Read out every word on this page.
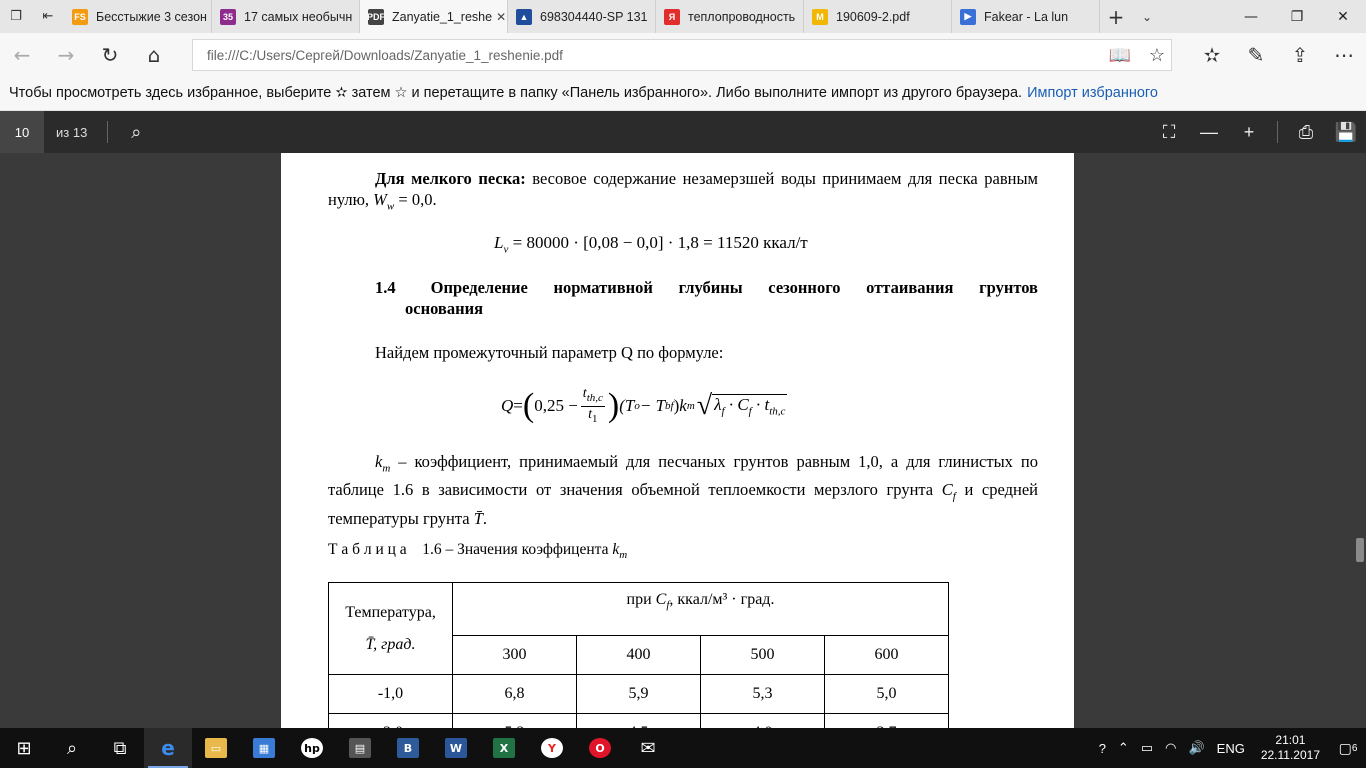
❐	⇤	FS Бесстыжие 3 сезон	35 17 самых необычн PDF Zanyatie_1_reshe ✕	▲ 698304440-SP 131	Я	теплопроводность	M 190609-2.pdf	▶	Fakear - La lun	+	⌄	—	❐	✕
←	→	↻	⌂	file:///C:/Users/Сергей/Downloads/Zanyatie_1_reshenie.pdf	📖 ☆	✫	✎	⇪	⋯
Чтобы просмотреть здесь избранное, выберите ✫ затем ☆ и перетащите в папку «Панель избранного». Либо выполните импорт из другого браузера. Импорт избранного
10	из 13	⌕	⛶	—	+	⎙	💾
Для мелкого песка: весовое содержание незамерзшей воды принимаем для песка равным нулю, $W_w = 0,0$.
$L_v = 80000 \cdot [0,08 - 0,0] \cdot 1,8 = 11520$ ккал/т
1.4	Определение нормативной глубины сезонного оттаивания грунтов
основания
Найдем промежуточный параметр Q по формуле:
Q = ( $0,25 - \frac{t_{th,c}}{t_1}$ ) (T o − T bf ) k m √ $\lambda_f \cdot C_f \cdot t_{th,c}$
$k_m$ – коэффициент, принимаемый для песчаных грунтов равным 1,0, а для глинистых по таблице 1.6 в зависимости от значения объемной теплоемкости мерзлого грунта $C_f$ и средней температуры грунта T̄.
Т а б л и ц а    1.6 – Значения коэффицента $k_m$
Температура,
T̄, град.	при $C_f$, ккал/м³ · град.			
	300	400	500	600
-1,0	6,8	5,9	5,3	5,0

⊞	⌕	⧉	e	▭	▦	hp	▤	B	W	X	Y	O	✉	? ⌃ ▭ ◠ 🔊 ENG
21:01
22.11.2017	▢ 6
